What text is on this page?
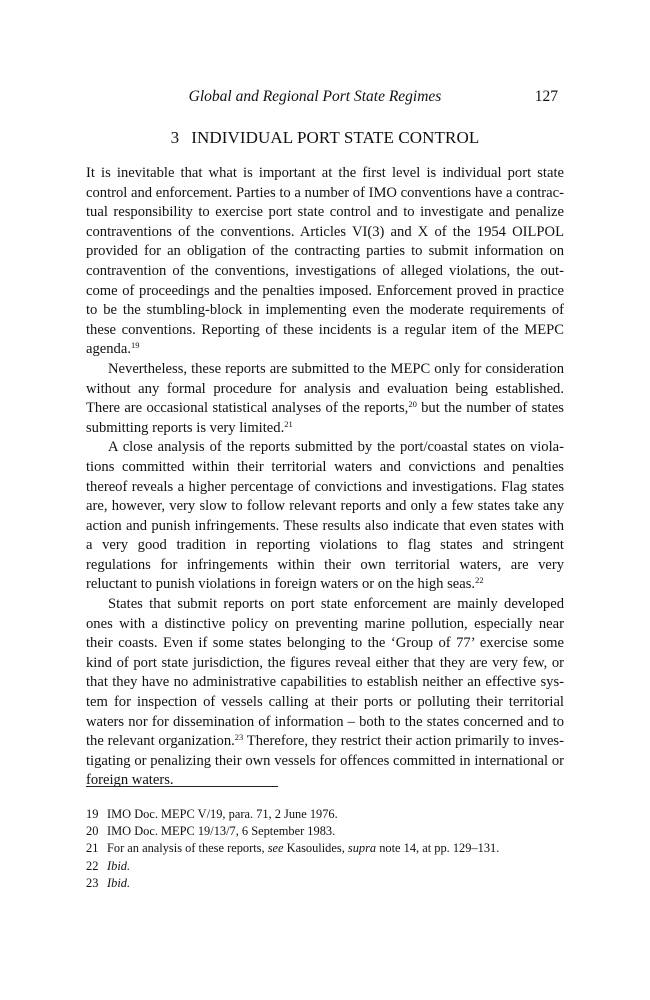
Global and Regional Port State Regimes	127
3 INDIVIDUAL PORT STATE CONTROL

It is inevitable that what is important at the first level is individual port state control and enforcement. Parties to a number of IMO conventions have a contractual responsibility to exercise port state control and to investigate and penalize contraventions of the conventions. Articles VI(3) and X of the 1954 OILPOL provided for an obligation of the contracting parties to submit information on contravention of the conventions, investigations of alleged violations, the outcome of proceedings and the penalties imposed. Enforcement proved in practice to be the stumbling-block in implementing even the moderate requirements of these conventions. Reporting of these incidents is a regular item of the MEPC agenda.$^{19}$

Nevertheless, these reports are submitted to the MEPC only for consideration without any formal procedure for analysis and evaluation being established. There are occasional statistical analyses of the reports,$^{20}$ but the number of states submitting reports is very limited.$^{21}$

A close analysis of the reports submitted by the port/coastal states on violations committed within their territorial waters and convictions and penalties thereof reveals a higher percentage of convictions and investigations. Flag states are, however, very slow to follow relevant reports and only a few states take any action and punish infringements. These results also indicate that even states with a very good tradition in reporting violations to flag states and stringent regulations for infringements within their own territorial waters, are very reluctant to punish violations in foreign waters or on the high seas.$^{22}$

States that submit reports on port state enforcement are mainly developed ones with a distinctive policy on preventing marine pollution, especially near their coasts. Even if some states belonging to the ‘Group of 77’ exercise some kind of port state jurisdiction, the figures reveal either that they are very few, or that they have no administrative capabilities to establish neither an effective system for inspection of vessels calling at their ports or polluting their territorial waters nor for dissemination of information – both to the states concerned and to the relevant organization.$^{23}$ Therefore, they restrict their action primarily to investigating or penalizing their own vessels for offences committed in international or foreign waters.

19 IMO Doc. MEPC V/19, para. 71, 2 June 1976.
20 IMO Doc. MEPC 19/13/7, 6 September 1983.
21 For an analysis of these reports, see Kasoulides, supra note 14, at pp. 129–131.
22 Ibid.
23 Ibid.
